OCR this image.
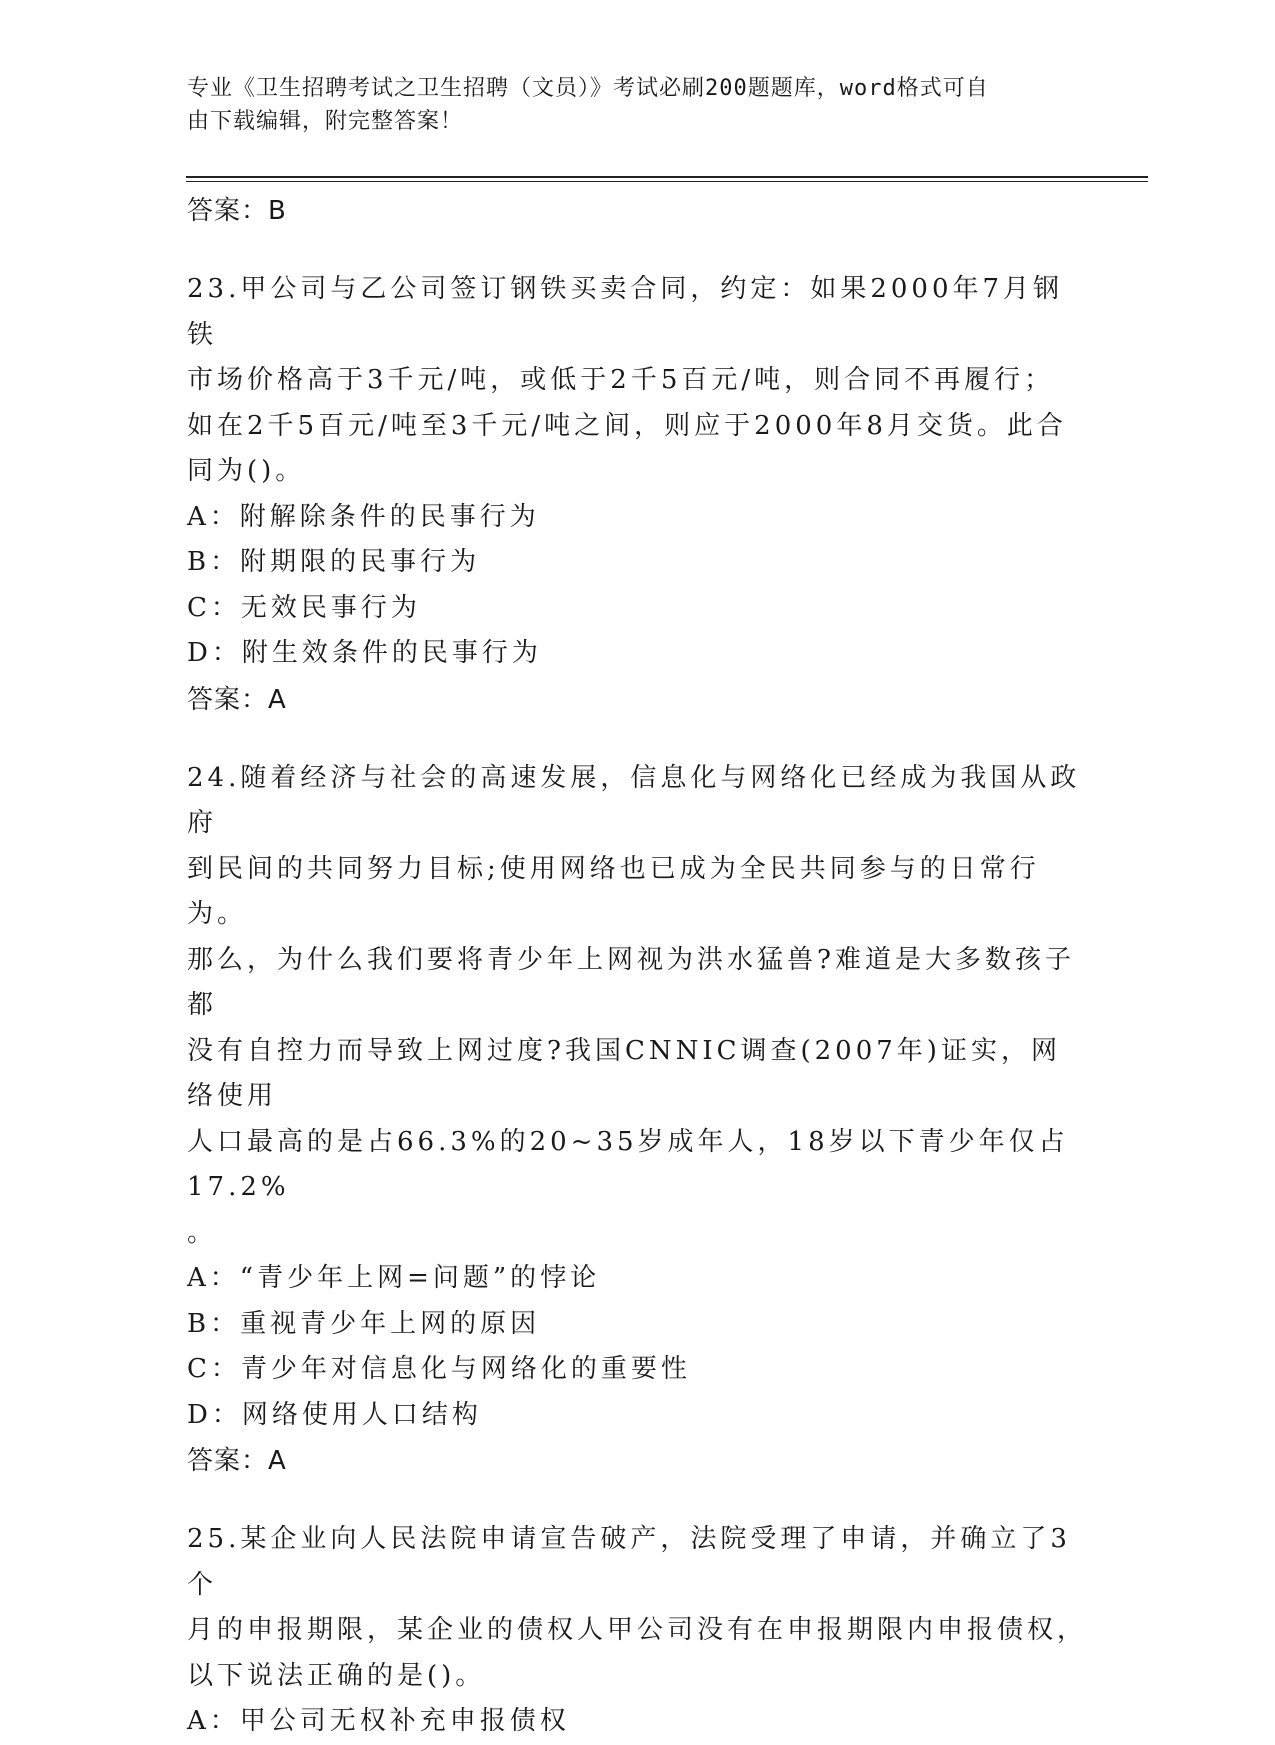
专业《卫生招聘考试之卫生招聘（文员）》考试必刷200题题库，word格式可自
由下载编辑，附完整答案！
答案：B
23.甲公司与乙公司签订钢铁买卖合同，约定：如果2000年7月钢铁
市场价格高于3千元/吨，或低于2千5百元/吨，则合同不再履行；
如在2千5百元/吨至3千元/吨之间，则应于2000年8月交货。此合
同为()。
A：附解除条件的民事行为
B：附期限的民事行为
C：无效民事行为
D：附生效条件的民事行为
答案：A
24.随着经济与社会的高速发展，信息化与网络化已经成为我国从政府
到民间的共同努力目标;使用网络也已成为全民共同参与的日常行为。
那么，为什么我们要将青少年上网视为洪水猛兽?难道是大多数孩子都
没有自控力而导致上网过度?我国CNNIC调查(2007年)证实，网络使用
人口最高的是占66.3%的20~35岁成年人，18岁以下青少年仅占17.2%
。
A：“青少年上网=问题”的悖论
B：重视青少年上网的原因
C：青少年对信息化与网络化的重要性
D：网络使用人口结构
答案：A
25.某企业向人民法院申请宣告破产，法院受理了申请，并确立了3个
月的申报期限，某企业的债权人甲公司没有在申报期限内申报债权，
以下说法正确的是()。
A：甲公司无权补充申报债权
